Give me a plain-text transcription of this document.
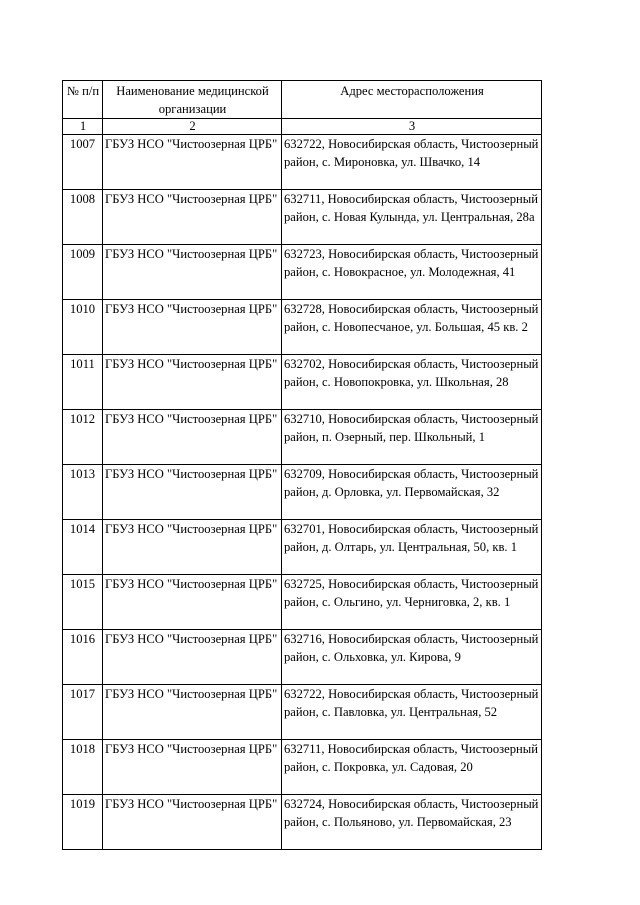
№ п/п	Наименование медицинской организации	Адрес месторасположения
1	2	3
1007	ГБУЗ НСО "Чистоозерная ЦРБ"	632722, Новосибирская область, Чистоозерный район, с. Мироновка, ул. Швачко, 14
1008	ГБУЗ НСО "Чистоозерная ЦРБ"	632711, Новосибирская область, Чистоозерный район, с. Новая Кулында, ул. Центральная, 28а
1009	ГБУЗ НСО "Чистоозерная ЦРБ"	632723, Новосибирская область, Чистоозерный район, с. Новокрасное, ул. Молодежная, 41
1010	ГБУЗ НСО "Чистоозерная ЦРБ"	632728, Новосибирская область, Чистоозерный район, с. Новопесчаное, ул. Большая, 45 кв. 2
1011	ГБУЗ НСО "Чистоозерная ЦРБ"	632702, Новосибирская область, Чистоозерный район, с. Новопокровка, ул. Школьная, 28
1012	ГБУЗ НСО "Чистоозерная ЦРБ"	632710, Новосибирская область, Чистоозерный район, п. Озерный, пер. Школьный, 1
1013	ГБУЗ НСО "Чистоозерная ЦРБ"	632709, Новосибирская область, Чистоозерный район, д. Орловка, ул. Первомайская, 32
1014	ГБУЗ НСО "Чистоозерная ЦРБ"	632701, Новосибирская область, Чистоозерный район, д. Олтарь, ул. Центральная, 50, кв. 1
1015	ГБУЗ НСО "Чистоозерная ЦРБ"	632725, Новосибирская область, Чистоозерный район, с. Ольгино, ул. Черниговка, 2, кв. 1
1016	ГБУЗ НСО "Чистоозерная ЦРБ"	632716, Новосибирская область, Чистоозерный район, с. Ольховка, ул. Кирова, 9
1017	ГБУЗ НСО "Чистоозерная ЦРБ"	632722, Новосибирская область, Чистоозерный район, с. Павловка, ул. Центральная, 52
1018	ГБУЗ НСО "Чистоозерная ЦРБ"	632711, Новосибирская область, Чистоозерный район, с. Покровка, ул. Садовая, 20
1019	ГБУЗ НСО "Чистоозерная ЦРБ"	632724, Новосибирская область, Чистоозерный район, с. Польяново, ул. Первомайская, 23
